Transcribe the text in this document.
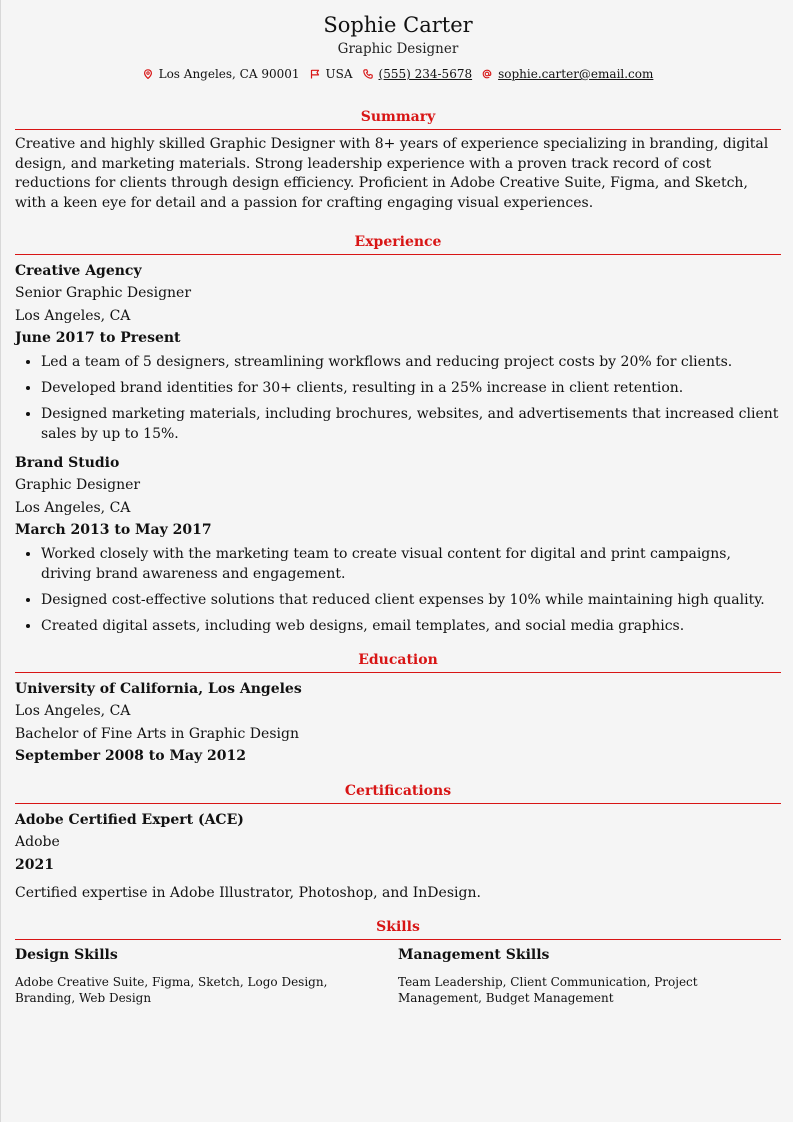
Sophie Carter
Graphic Designer
Los Angeles, CA 90001 USA (555) 234-5678 sophie.carter@email.com
Summary

Creative and highly skilled Graphic Designer with 8+ years of experience specializing in branding, digital design, and marketing materials. Strong leadership experience with a proven track record of cost reductions for clients through design efficiency. Proficient in Adobe Creative Suite, Figma, and Sketch, with a keen eye for detail and a passion for crafting engaging visual experiences.

Experience
Creative Agency
Senior Graphic Designer
Los Angeles, CA
June 2017 to Present
• Led a team of 5 designers, streamlining workflows and reducing project costs by 20% for clients.
• Developed brand identities for 30+ clients, resulting in a 25% increase in client retention.
• Designed marketing materials, including brochures, websites, and advertisements that increased client sales by up to 15%.
Brand Studio
Graphic Designer
Los Angeles, CA
March 2013 to May 2017
• Worked closely with the marketing team to create visual content for digital and print campaigns, driving brand awareness and engagement.
• Designed cost-effective solutions that reduced client expenses by 10% while maintaining high quality.
• Created digital assets, including web designs, email templates, and social media graphics.
Education
University of California, Los Angeles
Los Angeles, CA
Bachelor of Fine Arts in Graphic Design
September 2008 to May 2012
Certifications
Adobe Certified Expert (ACE)
Adobe
2021
Certified expertise in Adobe Illustrator, Photoshop, and InDesign.
Skills
Design Skills
Adobe Creative Suite, Figma, Sketch, Logo Design, Branding, Web Design
Management Skills
Team Leadership, Client Communication, Project Management, Budget Management
